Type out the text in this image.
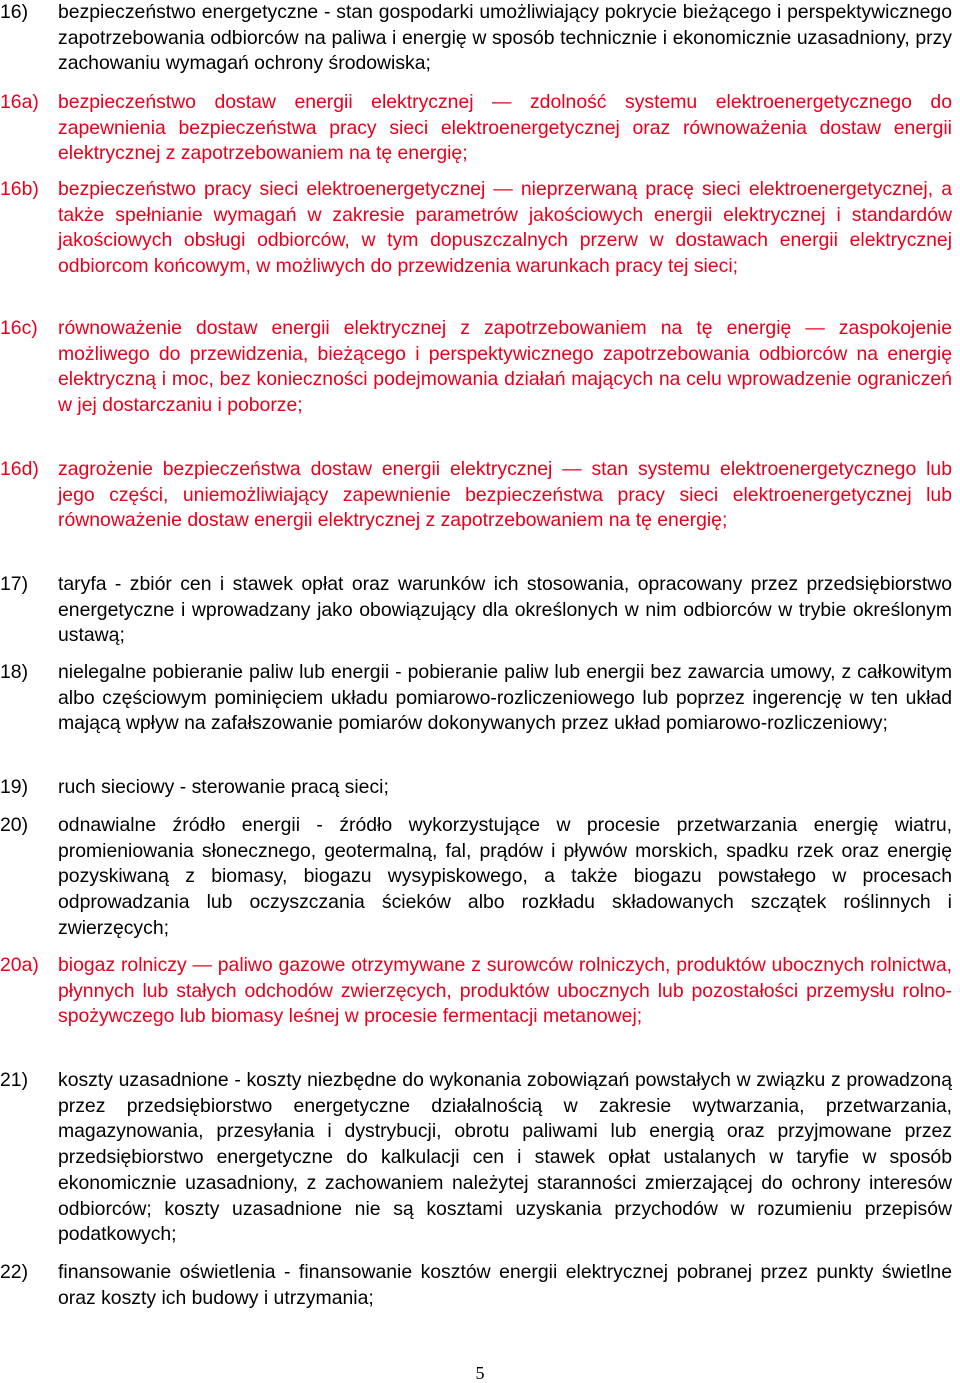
16) bezpieczeństwo energetyczne - stan gospodarki umożliwiający pokrycie bieżącego i perspektywicznego zapotrzebowania odbiorców na paliwa i energię w sposób technicznie i ekonomicznie uzasadniony, przy zachowaniu wymagań ochrony środowiska;

16a) bezpieczeństwo dostaw energii elektrycznej — zdolność systemu elektroenergetycznego do zapewnienia bezpieczeństwa pracy sieci elektroenergetycznej oraz równoważenia dostaw energii elektrycznej z zapotrzebowaniem na tę energię;

16b) bezpieczeństwo pracy sieci elektroenergetycznej — nieprzerwaną pracę sieci elektroenergetycznej, a także spełnianie wymagań w zakresie parametrów jakościowych energii elektrycznej i standardów jakościowych obsługi odbiorców, w tym dopuszczalnych przerw w dostawach energii elektrycznej odbiorcom końcowym, w możliwych do przewidzenia warunkach pracy tej sieci;

16c) równoważenie dostaw energii elektrycznej z zapotrzebowaniem na tę energię — zaspokojenie możliwego do przewidzenia, bieżącego i perspektywicznego zapotrzebowania odbiorców na energię elektryczną i moc, bez konieczności podejmowania działań mających na celu wprowadzenie ograniczeń w jej dostarczaniu i poborze;

16d) zagrożenie bezpieczeństwa dostaw energii elektrycznej — stan systemu elektroenergetycznego lub jego części, uniemożliwiający zapewnienie bezpieczeństwa pracy sieci elektroenergetycznej lub równoważenie dostaw energii elektrycznej z zapotrzebowaniem na tę energię;

17) taryfa - zbiór cen i stawek opłat oraz warunków ich stosowania, opracowany przez przedsiębiorstwo energetyczne i wprowadzany jako obowiązujący dla określonych w nim odbiorców w trybie określonym ustawą;

18) nielegalne pobieranie paliw lub energii - pobieranie paliw lub energii bez zawarcia umowy, z całkowitym albo częściowym pominięciem układu pomiarowo-rozliczeniowego lub poprzez ingerencję w ten układ mającą wpływ na zafałszowanie pomiarów dokonywanych przez układ pomiarowo-rozliczeniowy;

19) ruch sieciowy - sterowanie pracą sieci;

20) odnawialne źródło energii - źródło wykorzystujące w procesie przetwarzania energię wiatru, promieniowania słonecznego, geotermalną, fal, prądów i pływów morskich, spadku rzek oraz energię pozyskiwaną z biomasy, biogazu wysypiskowego, a także biogazu powstałego w procesach odprowadzania lub oczyszczania ścieków albo rozkładu składowanych szczątek roślinnych i zwierzęcych;

20a) biogaz rolniczy — paliwo gazowe otrzymywane z surowców rolniczych, produktów ubocznych rolnictwa, płynnych lub stałych odchodów zwierzęcych, produktów ubocznych lub pozostałości przemysłu rolno-spożywczego lub biomasy leśnej w procesie fermentacji metanowej;

21) koszty uzasadnione - koszty niezbędne do wykonania zobowiązań powstałych w związku z prowadzoną przez przedsiębiorstwo energetyczne działalnością w zakresie wytwarzania, przetwarzania, magazynowania, przesyłania i dystrybucji, obrotu paliwami lub energią oraz przyjmowane przez przedsiębiorstwo energetyczne do kalkulacji cen i stawek opłat ustalanych w taryfie w sposób ekonomicznie uzasadniony, z zachowaniem należytej staranności zmierzającej do ochrony interesów odbiorców; koszty uzasadnione nie są kosztami uzyskania przychodów w rozumieniu przepisów podatkowych;

22) finansowanie oświetlenia - finansowanie kosztów energii elektrycznej pobranej przez punkty świetlne oraz koszty ich budowy i utrzymania;

5
